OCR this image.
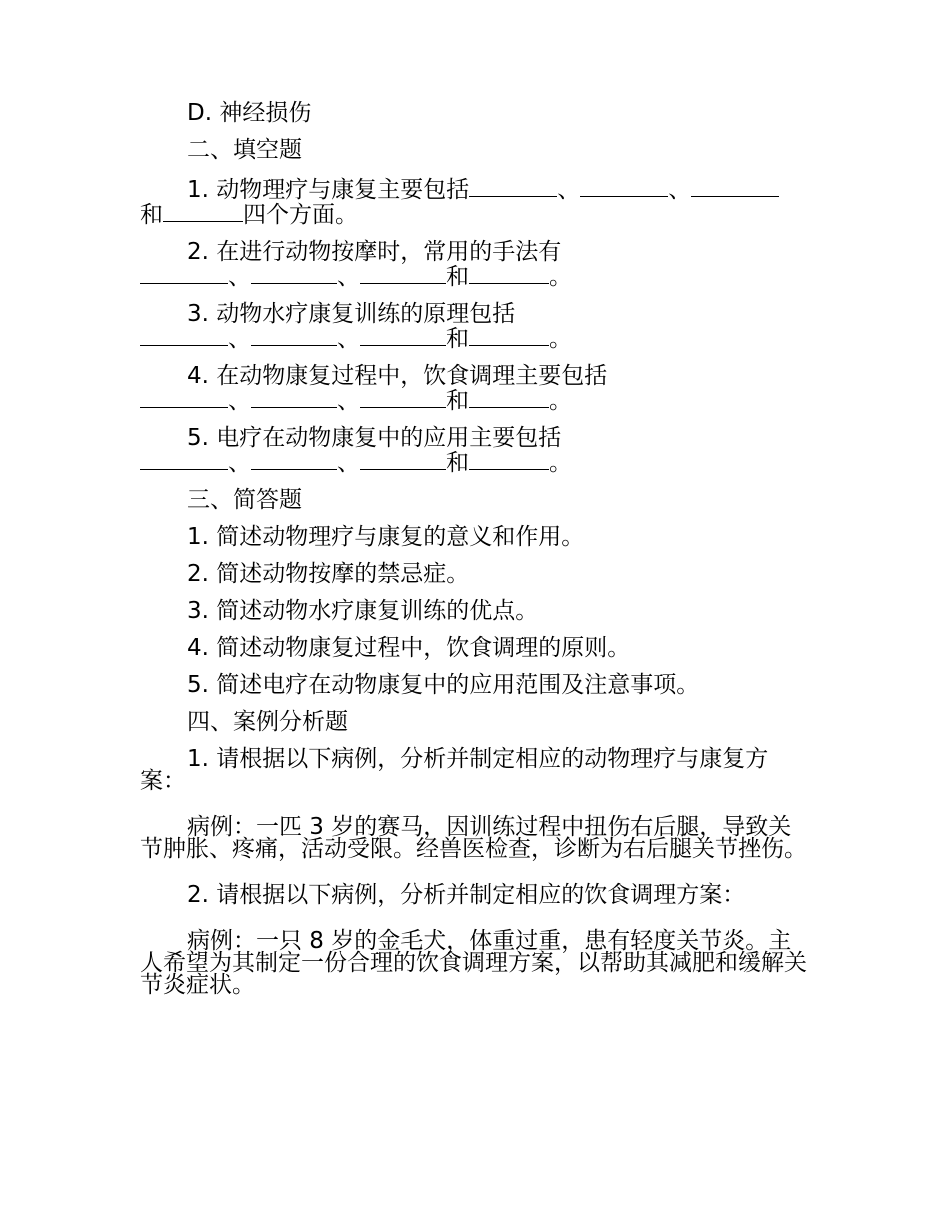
D. 神经损伤

二、填空题

1. 动物理疗与康复主要包括	、	、

和	四个方面。

2. 在进行动物按摩时，常用的手法有

、	、	和	。

3. 动物水疗康复训练的原理包括

、	、	和	。

4. 在动物康复过程中，饮食调理主要包括

、	、	和	。

5. 电疗在动物康复中的应用主要包括

、	、	和	。

三、简答题

1. 简述动物理疗与康复的意义和作用。

2. 简述动物按摩的禁忌症。

3. 简述动物水疗康复训练的优点。

4. 简述动物康复过程中，饮食调理的原则。

5. 简述电疗在动物康复中的应用范围及注意事项。

四、案例分析题

1. 请根据以下病例，分析并制定相应的动物理疗与康复方案：

病例：一匹 3 岁的赛马，因训练过程中扭伤右后腿，导致关节肿胀、疼痛，活动受限。经兽医检查，诊断为右后腿关节挫伤。

2. 请根据以下病例，分析并制定相应的饮食调理方案：

病例：一只 8 岁的金毛犬，体重过重，患有轻度关节炎。主人希望为其制定一份合理的饮食调理方案，以帮助其减肥和缓解关节炎症状。
